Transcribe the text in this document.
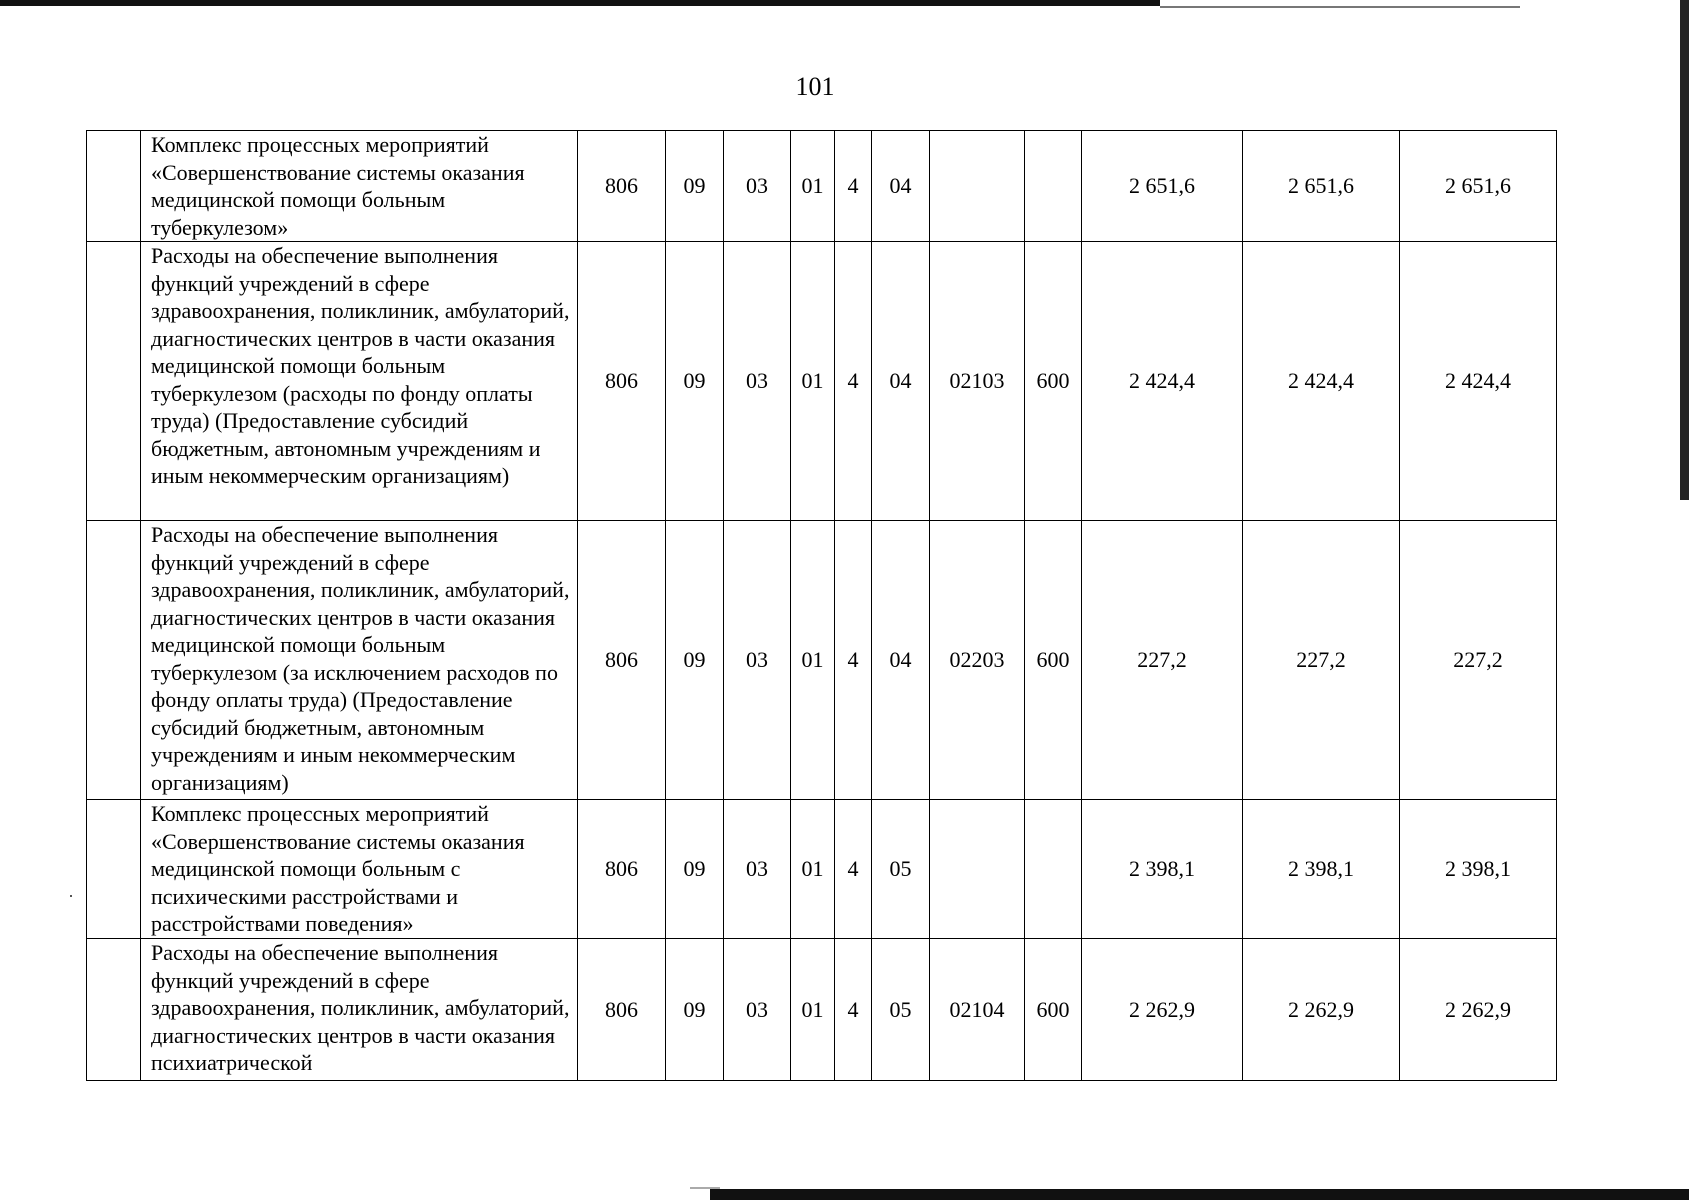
101
	Комплекс процессных мероприятий «Совершенствование системы оказания медицинской помощи больным туберкулезом»	806	09	03	01	4	04			2 651,6	2 651,6	2 651,6
	Расходы на обеспечение выполнения функций учреждений в сфере здравоохранения, поликлиник, амбулаторий, диагностических центров в части оказания медицинской помощи больным туберкулезом (расходы по фонду оплаты труда) (Предоставление субсидий бюджетным, автономным учреждениям и иным некоммерческим организациям)	806	09	03	01	4	04	02103	600	2 424,4	2 424,4	2 424,4
	Расходы на обеспечение выполнения функций учреждений в сфере здравоохранения, поликлиник, амбулаторий, диагностических центров в части оказания медицинской помощи больным туберкулезом (за исключением расходов по фонду оплаты труда) (Предоставление субсидий бюджетным, автономным учреждениям и иным некоммерческим организациям)	806	09	03	01	4	04	02203	600	227,2	227,2	227,2
	Комплекс процессных мероприятий «Совершенствование системы оказания медицинской помощи больным с психическими расстройствами и расстройствами поведения»	806	09	03	01	4	05			2 398,1	2 398,1	2 398,1
	Расходы на обеспечение выполнения функций учреждений в сфере здравоохранения, поликлиник, амбулаторий, диагностических центров в части оказания психиатрической	806	09	03	01	4	05	02104	600	2 262,9	2 262,9	2 262,9
